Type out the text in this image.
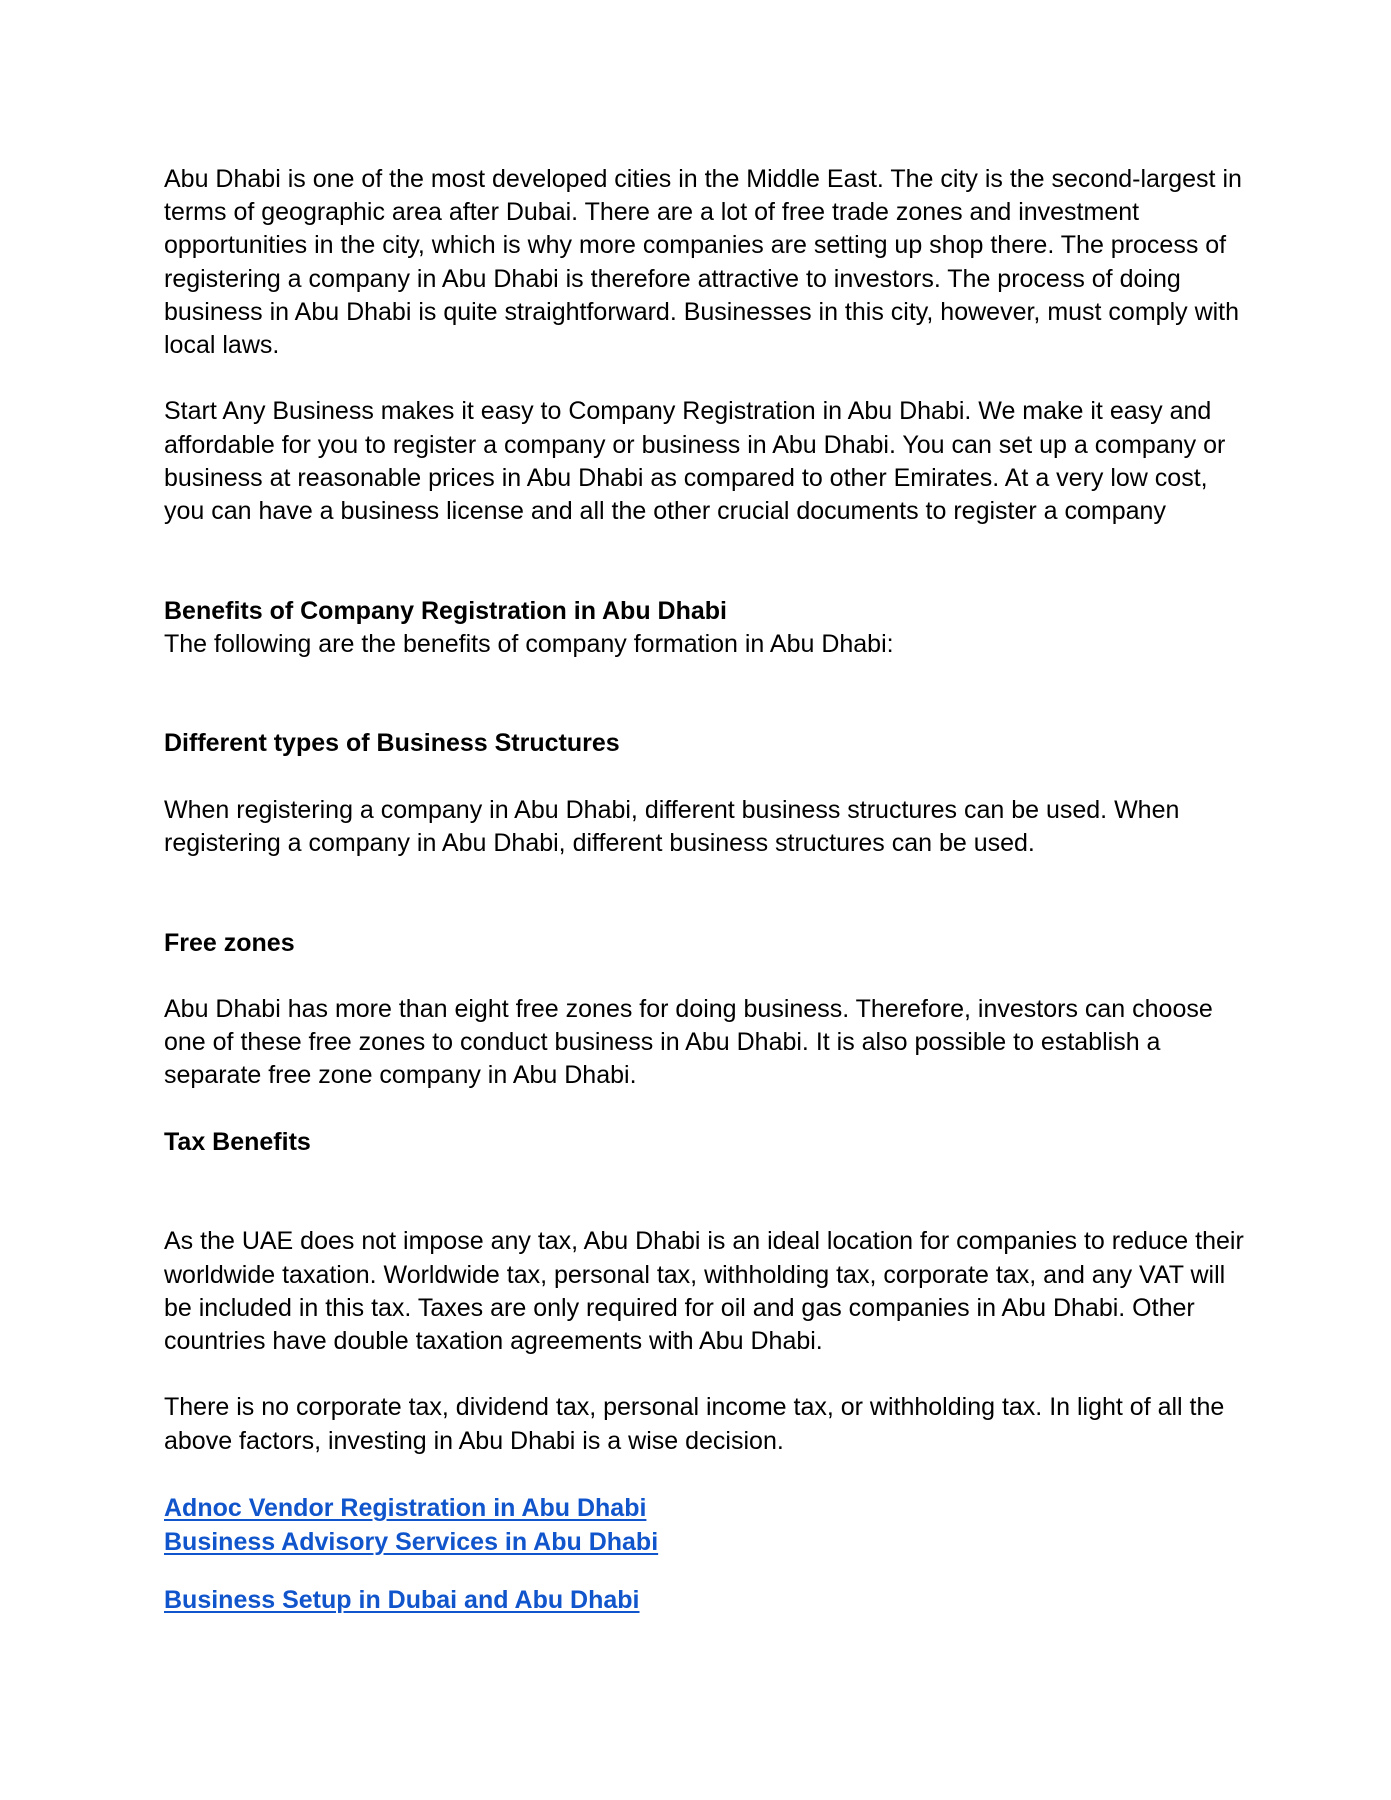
Abu Dhabi is one of the most developed cities in the Middle East. The city is the second-largest in terms of geographic area after Dubai. There are a lot of free trade zones and investment opportunities in the city, which is why more companies are setting up shop there. The process of registering a company in Abu Dhabi is therefore attractive to investors. The process of doing business in Abu Dhabi is quite straightforward. Businesses in this city, however, must comply with local laws.

Start Any Business makes it easy to Company Registration in Abu Dhabi. We make it easy and affordable for you to register a company or business in Abu Dhabi. You can set up a company or business at reasonable prices in Abu Dhabi as compared to other Emirates. At a very low cost, you can have a business license and all the other crucial documents to register a company

Benefits of Company Registration in Abu Dhabi

The following are the benefits of company formation in Abu Dhabi:

Different types of Business Structures

When registering a company in Abu Dhabi, different business structures can be used. When registering a company in Abu Dhabi, different business structures can be used.

Free zones

Abu Dhabi has more than eight free zones for doing business. Therefore, investors can choose one of these free zones to conduct business in Abu Dhabi. It is also possible to establish a separate free zone company in Abu Dhabi.

Tax Benefits

As the UAE does not impose any tax, Abu Dhabi is an ideal location for companies to reduce their worldwide taxation. Worldwide tax, personal tax, withholding tax, corporate tax, and any VAT will be included in this tax. Taxes are only required for oil and gas companies in Abu Dhabi. Other countries have double taxation agreements with Abu Dhabi.

There is no corporate tax, dividend tax, personal income tax, or withholding tax. In light of all the above factors, investing in Abu Dhabi is a wise decision.

Adnoc Vendor Registration in Abu Dhabi
Business Advisory Services in Abu Dhabi
Business Setup in Dubai and Abu Dhabi
